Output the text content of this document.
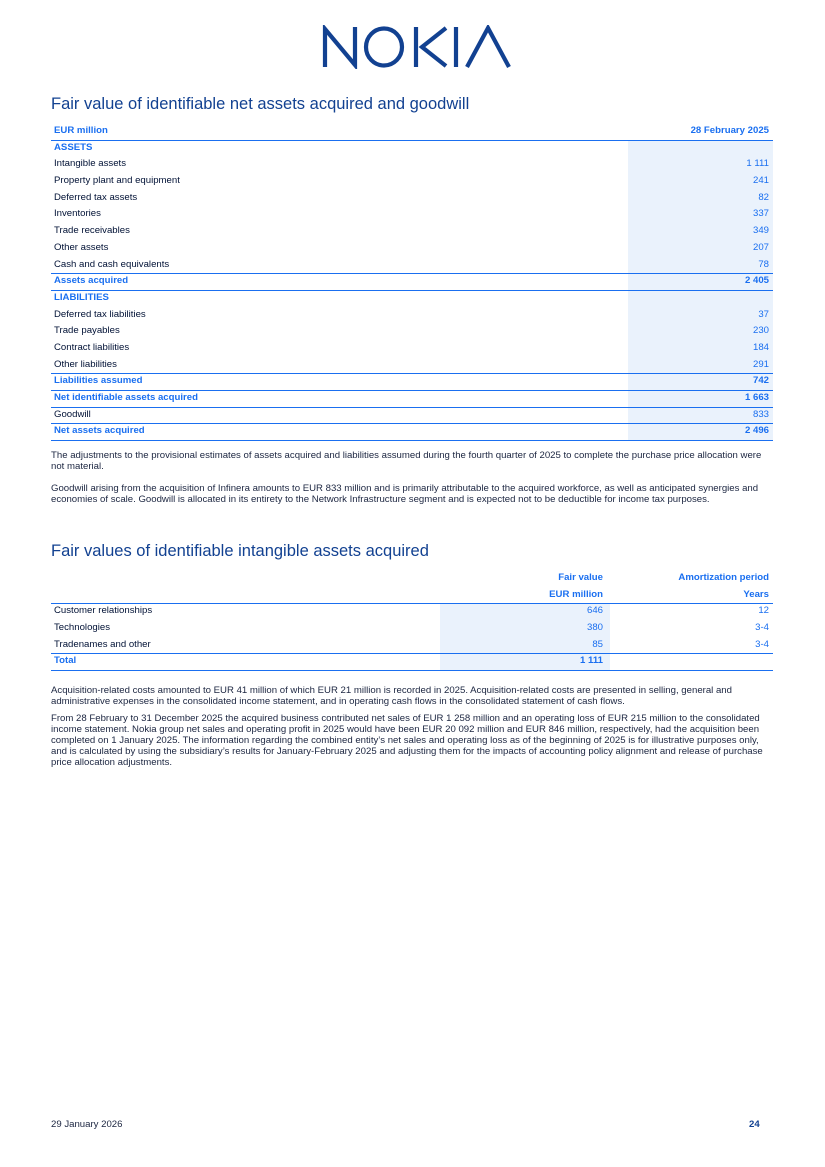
Fair value of identifiable net assets acquired and goodwill
EUR million	28 February 2025
ASSETS
Intangible assets	1 111
Property plant and equipment	241
Deferred tax assets	82
Inventories	337
Trade receivables	349
Other assets	207
Cash and cash equivalents	78
Assets acquired	2 405
LIABILITIES
Deferred tax liabilities	37
Trade payables	230
Contract liabilities	184
Other liabilities	291
Liabilities assumed	742
Net identifiable assets acquired	1 663
Goodwill	833
Net assets acquired	2 496

The adjustments to the provisional estimates of assets acquired and liabilities assumed during the fourth quarter of 2025 to complete the purchase price allocation were not material.

Goodwill arising from the acquisition of Infinera amounts to EUR 833 million and is primarily attributable to the acquired workforce, as well as anticipated synergies and economies of scale. Goodwill is allocated in its entirety to the Network Infrastructure segment and is expected not to be deductible for income tax purposes.

Fair values of identifiable intangible assets acquired
Fair value	Amortization period
EUR million	Years
Customer relationships	646	12
Technologies	380	3-4
Tradenames and other	85	3-4
Total	1 111

Acquisition-related costs amounted to EUR 41 million of which EUR 21 million is recorded in 2025. Acquisition-related costs are presented in selling, general and administrative expenses in the consolidated income statement, and in operating cash flows in the consolidated statement of cash flows.

From 28 February to 31 December 2025 the acquired business contributed net sales of EUR 1 258 million and an operating loss of EUR 215 million to the consolidated income statement. Nokia group net sales and operating profit in 2025 would have been EUR 20 092 million and EUR 846 million, respectively, had the acquisition been completed on 1 January 2025. The information regarding the combined entity’s net sales and operating loss as of the beginning of 2025 is for illustrative purposes only, and is calculated by using the subsidiary’s results for January-February 2025 and adjusting them for the impacts of accounting policy alignment and release of purchase price allocation adjustments.

29 January 2026	24
